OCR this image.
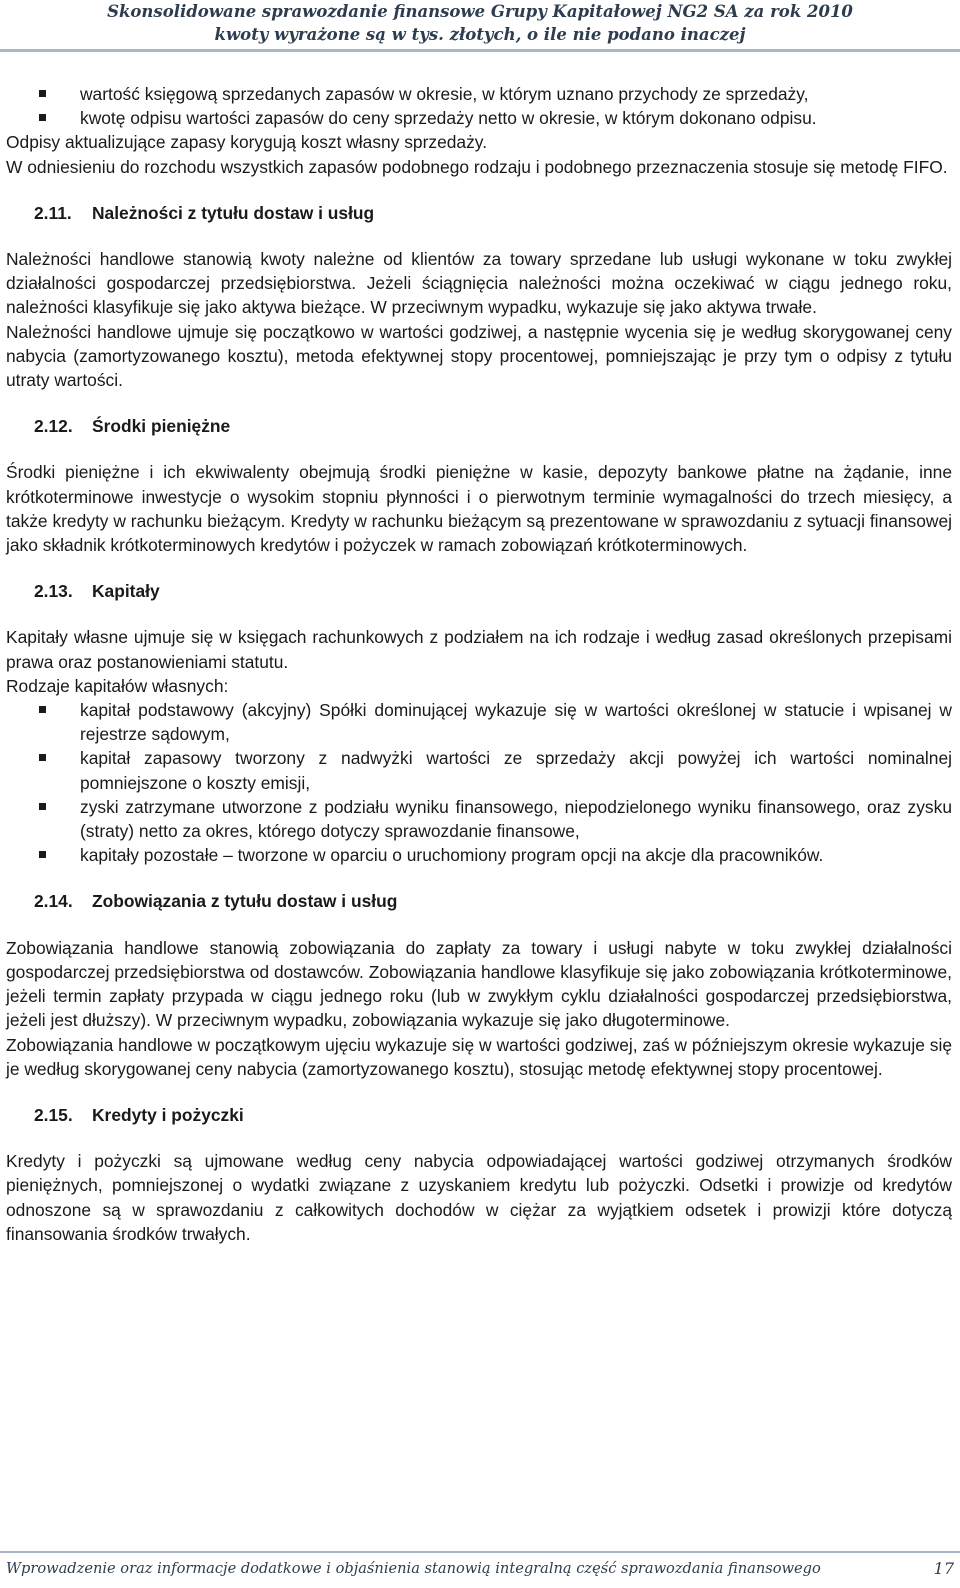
Skonsolidowane sprawozdanie finansowe Grupy Kapitałowej NG2 SA za rok 2010
kwoty wyrażone są w tys. złotych, o ile nie podano inaczej
wartość księgową sprzedanych zapasów w okresie, w którym uznano przychody ze sprzedaży,
kwotę odpisu wartości zapasów do ceny sprzedaży netto w okresie, w którym dokonano odpisu.

Odpisy aktualizujące zapasy korygują koszt własny sprzedaży.

W odniesieniu do rozchodu wszystkich zapasów podobnego rodzaju i podobnego przeznaczenia stosuje się metodę FIFO.

2.11. Należności z tytułu dostaw i usług

Należności handlowe stanowią kwoty należne od klientów za towary sprzedane lub usługi wykonane w toku zwykłej działalności gospodarczej przedsiębiorstwa. Jeżeli ściągnięcia należności można oczekiwać w ciągu jednego roku, należności klasyfikuje się jako aktywa bieżące. W przeciwnym wypadku, wykazuje się jako aktywa trwałe.

Należności handlowe ujmuje się początkowo w wartości godziwej, a następnie wycenia się je według skorygowanej ceny nabycia (zamortyzowanego kosztu), metoda efektywnej stopy procentowej, pomniejszając je przy tym o odpisy z tytułu utraty wartości.

2.12. Środki pieniężne

Środki pieniężne i ich ekwiwalenty obejmują środki pieniężne w kasie, depozyty bankowe płatne na żądanie, inne krótkoterminowe inwestycje o wysokim stopniu płynności i o pierwotnym terminie wymagalności do trzech miesięcy, a także kredyty w rachunku bieżącym. Kredyty w rachunku bieżącym są prezentowane w sprawozdaniu z sytuacji finansowej jako składnik krótkoterminowych kredytów i pożyczek w ramach zobowiązań krótkoterminowych.

2.13. Kapitały

Kapitały własne ujmuje się w księgach rachunkowych z podziałem na ich rodzaje i według zasad określonych przepisami prawa oraz postanowieniami statutu.

Rodzaje kapitałów własnych:

kapitał podstawowy (akcyjny) Spółki dominującej wykazuje się w wartości określonej w statucie i wpisanej w rejestrze sądowym,
kapitał zapasowy tworzony z nadwyżki wartości ze sprzedaży akcji powyżej ich wartości nominalnej pomniejszone o koszty emisji,
zyski zatrzymane utworzone z podziału wyniku finansowego, niepodzielonego wyniku finansowego, oraz zysku (straty) netto za okres, którego dotyczy sprawozdanie finansowe,
kapitały pozostałe – tworzone w oparciu o uruchomiony program opcji na akcje dla pracowników.
2.14. Zobowiązania z tytułu dostaw i usług

Zobowiązania handlowe stanowią zobowiązania do zapłaty za towary i usługi nabyte w toku zwykłej działalności gospodarczej przedsiębiorstwa od dostawców. Zobowiązania handlowe klasyfikuje się jako zobowiązania krótkoterminowe, jeżeli termin zapłaty przypada w ciągu jednego roku (lub w zwykłym cyklu działalności gospodarczej przedsiębiorstwa, jeżeli jest dłuższy). W przeciwnym wypadku, zobowiązania wykazuje się jako długoterminowe.

Zobowiązania handlowe w początkowym ujęciu wykazuje się w wartości godziwej, zaś w późniejszym okresie wykazuje się je według skorygowanej ceny nabycia (zamortyzowanego kosztu), stosując metodę efektywnej stopy procentowej.

2.15. Kredyty i pożyczki

Kredyty i pożyczki są ujmowane według ceny nabycia odpowiadającej wartości godziwej otrzymanych środków pieniężnych, pomniejszonej o wydatki związane z uzyskaniem kredytu lub pożyczki. Odsetki i prowizje od kredytów odnoszone są w sprawozdaniu z całkowitych dochodów w ciężar za wyjątkiem odsetek i prowizji które dotyczą finansowania środków trwałych.

Wprowadzenie oraz informacje dodatkowe i objaśnienia stanowią integralną część sprawozdania finansowego	17
